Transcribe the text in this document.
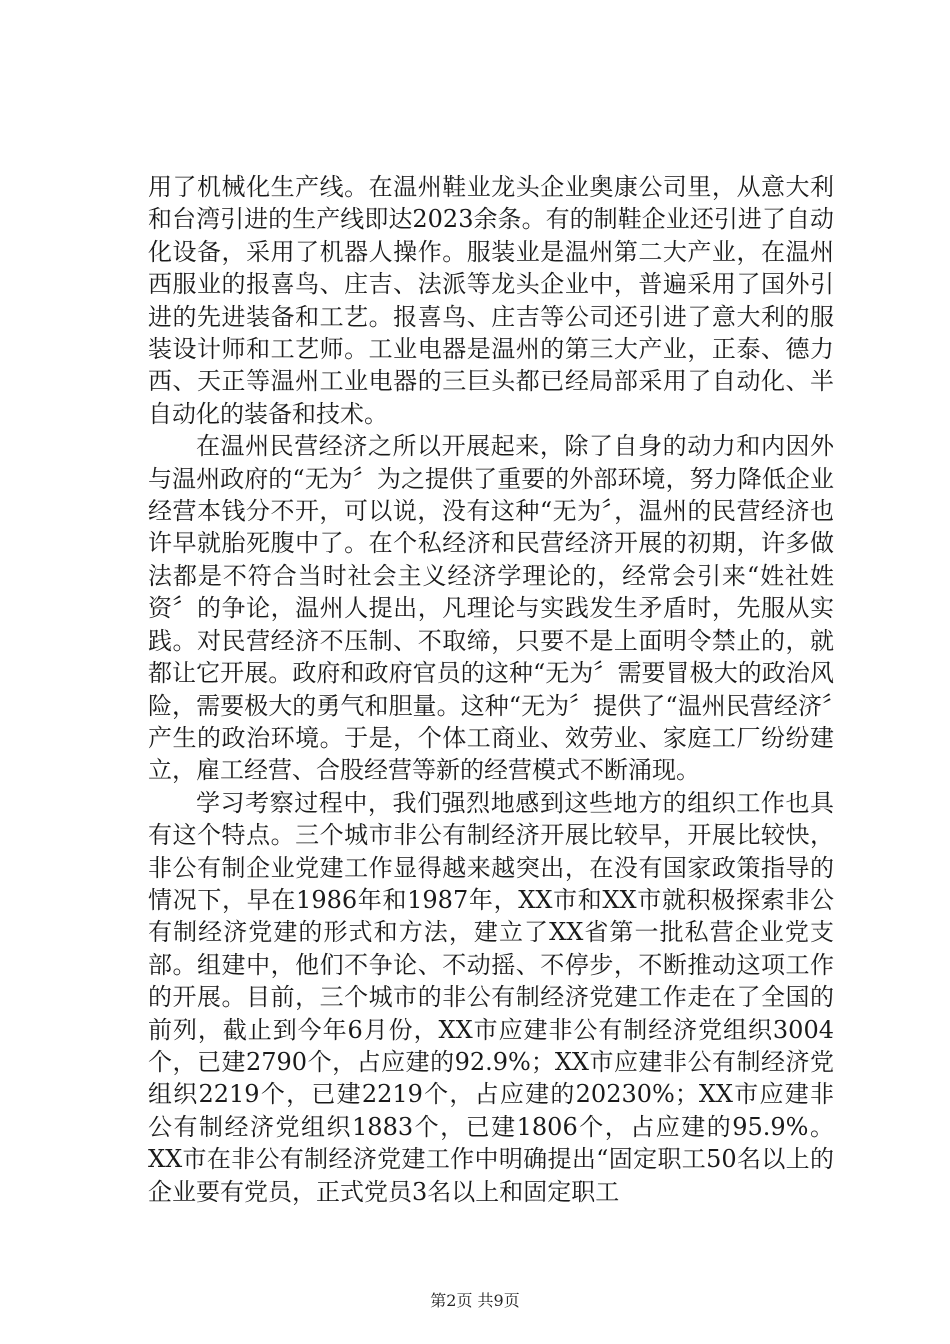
用了机械化生产线。在温州鞋业龙头企业奥康公司里，从意大利和台湾引进的生产线即达2023余条。有的制鞋企业还引进了自动化设备，采用了机器人操作。服装业是温州第二大产业，在温州西服业的报喜鸟、庄吉、法派等龙头企业中，普遍采用了国外引进的先进装备和工艺。报喜鸟、庄吉等公司还引进了意大利的服装设计师和工艺师。工业电器是温州的第三大产业，正泰、德力西、天正等温州工业电器的三巨头都已经局部采用了自动化、半自动化的装备和技术。

在温州民营经济之所以开展起来，除了自身的动力和内因外与温州政府的“无为〞为之提供了重要的外部环境，努力降低企业经营本钱分不开，可以说，没有这种“无为〞，温州的民营经济也许早就胎死腹中了。在个私经济和民营经济开展的初期，许多做法都是不符合当时社会主义经济学理论的，经常会引来“姓社姓资〞的争论，温州人提出，凡理论与实践发生矛盾时，先服从实践。对民营经济不压制、不取缔，只要不是上面明令禁止的，就都让它开展。政府和政府官员的这种“无为〞需要冒极大的政治风险，需要极大的勇气和胆量。这种“无为〞提供了“温州民营经济〞产生的政治环境。于是，个体工商业、效劳业、家庭工厂纷纷建立，雇工经营、合股经营等新的经营模式不断涌现。

学习考察过程中，我们强烈地感到这些地方的组织工作也具有这个特点。三个城市非公有制经济开展比较早，开展比较快，非公有制企业党建工作显得越来越突出，在没有国家政策指导的情况下，早在1986年和1987年，XX市和XX市就积极探索非公有制经济党建的形式和方法，建立了XX省第一批私营企业党支部。组建中，他们不争论、不动摇、不停步，不断推动这项工作的开展。目前，三个城市的非公有制经济党建工作走在了全国的前列，截止到今年6月份，XX市应建非公有制经济党组织3004个，已建2790个，占应建的92.9%；XX市应建非公有制经济党组织2219个，已建2219个，占应建的20230%；XX市应建非公有制经济党组织1883个，已建1806个，占应建的95.9%。XX市在非公有制经济党建工作中明确提出“固定职工50名以上的企业要有党员，正式党员3名以上和固定职工

第2页 共9页
